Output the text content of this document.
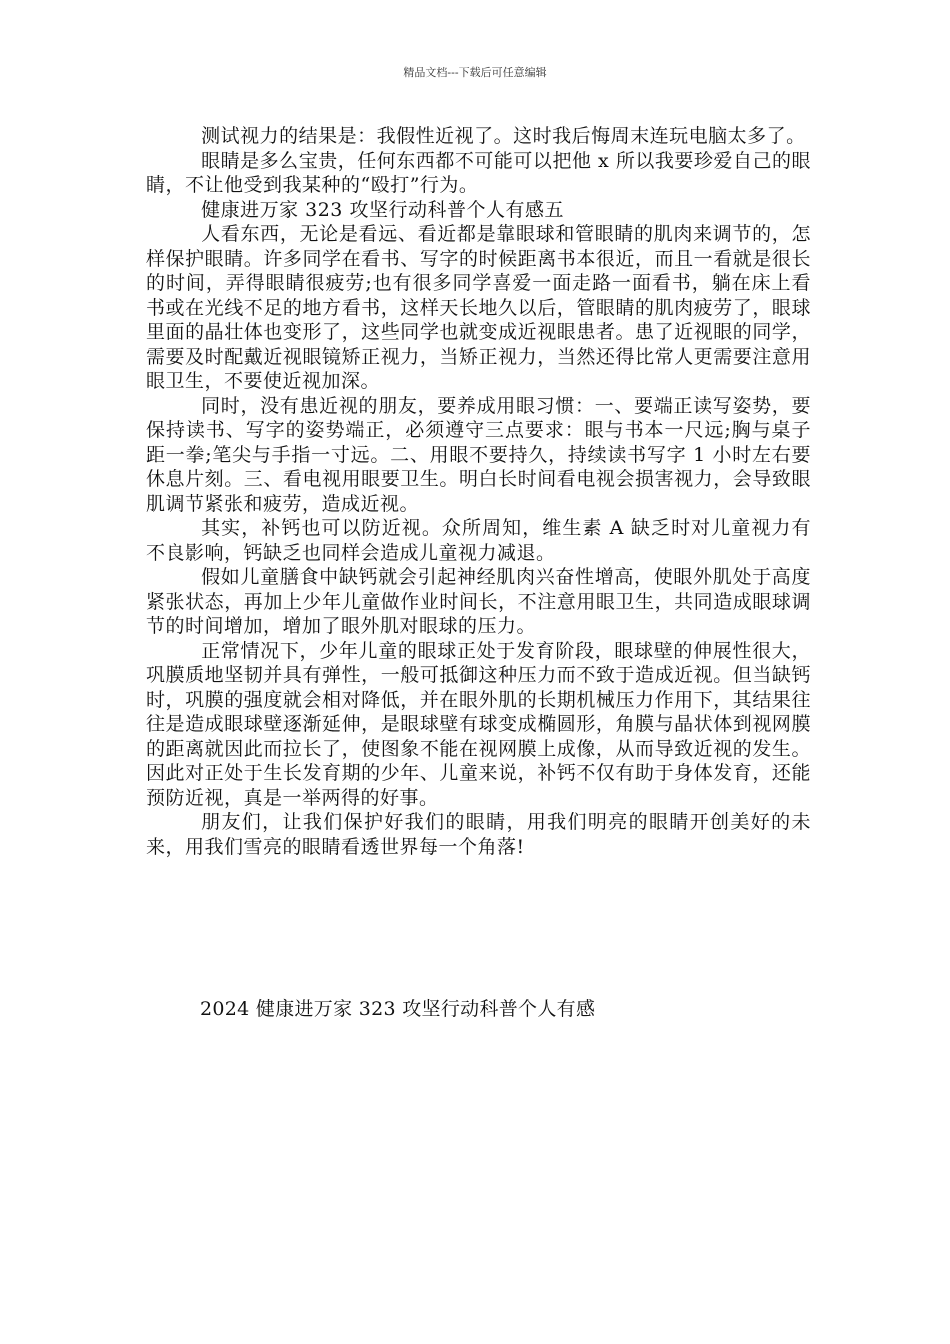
精品文档---下载后可任意编辑

测试视力的结果是：我假性近视了。这时我后悔周末连玩电脑太多了。

眼睛是多么宝贵，任何东西都不可能可以把他 x 所以我要珍爱自己的眼睛，不让他受到我某种的“殴打”行为。

健康进万家 323 攻坚行动科普个人有感五

人看东西，无论是看远、看近都是靠眼球和管眼睛的肌肉来调节的，怎样保护眼睛。许多同学在看书、写字的时候距离书本很近，而且一看就是很长的时间，弄得眼睛很疲劳;也有很多同学喜爱一面走路一面看书，躺在床上看书或在光线不足的地方看书，这样天长地久以后，管眼睛的肌肉疲劳了，眼球里面的晶壮体也变形了，这些同学也就变成近视眼患者。患了近视眼的同学，需要及时配戴近视眼镜矫正视力，当矫正视力，当然还得比常人更需要注意用眼卫生，不要使近视加深。

同时，没有患近视的朋友，要养成用眼习惯：一、要端正读写姿势，要保持读书、写字的姿势端正，必须遵守三点要求：眼与书本一尺远;胸与桌子距一拳;笔尖与手指一寸远。二、用眼不要持久，持续读书写字 1 小时左右要休息片刻。三、看电视用眼要卫生。明白长时间看电视会损害视力，会导致眼肌调节紧张和疲劳，造成近视。

其实，补钙也可以防近视。众所周知，维生素 A 缺乏时对儿童视力有不良影响，钙缺乏也同样会造成儿童视力减退。

假如儿童膳食中缺钙就会引起神经肌肉兴奋性增高，使眼外肌处于高度紧张状态，再加上少年儿童做作业时间长，不注意用眼卫生，共同造成眼球调节的时间增加，增加了眼外肌对眼球的压力。

正常情况下，少年儿童的眼球正处于发育阶段，眼球壁的伸展性很大，巩膜质地坚韧并具有弹性，一般可抵御这种压力而不致于造成近视。但当缺钙时，巩膜的强度就会相对降低，并在眼外肌的长期机械压力作用下，其结果往往是造成眼球壁逐渐延伸，是眼球壁有球变成椭圆形，角膜与晶状体到视网膜的距离就因此而拉长了，使图象不能在视网膜上成像，从而导致近视的发生。因此对正处于生长发育期的少年、儿童来说，补钙不仅有助于身体发育，还能预防近视，真是一举两得的好事。

朋友们，让我们保护好我们的眼睛，用我们明亮的眼睛开创美好的未来，用我们雪亮的眼睛看透世界每一个角落!

2024 健康进万家 323 攻坚行动科普个人有感
